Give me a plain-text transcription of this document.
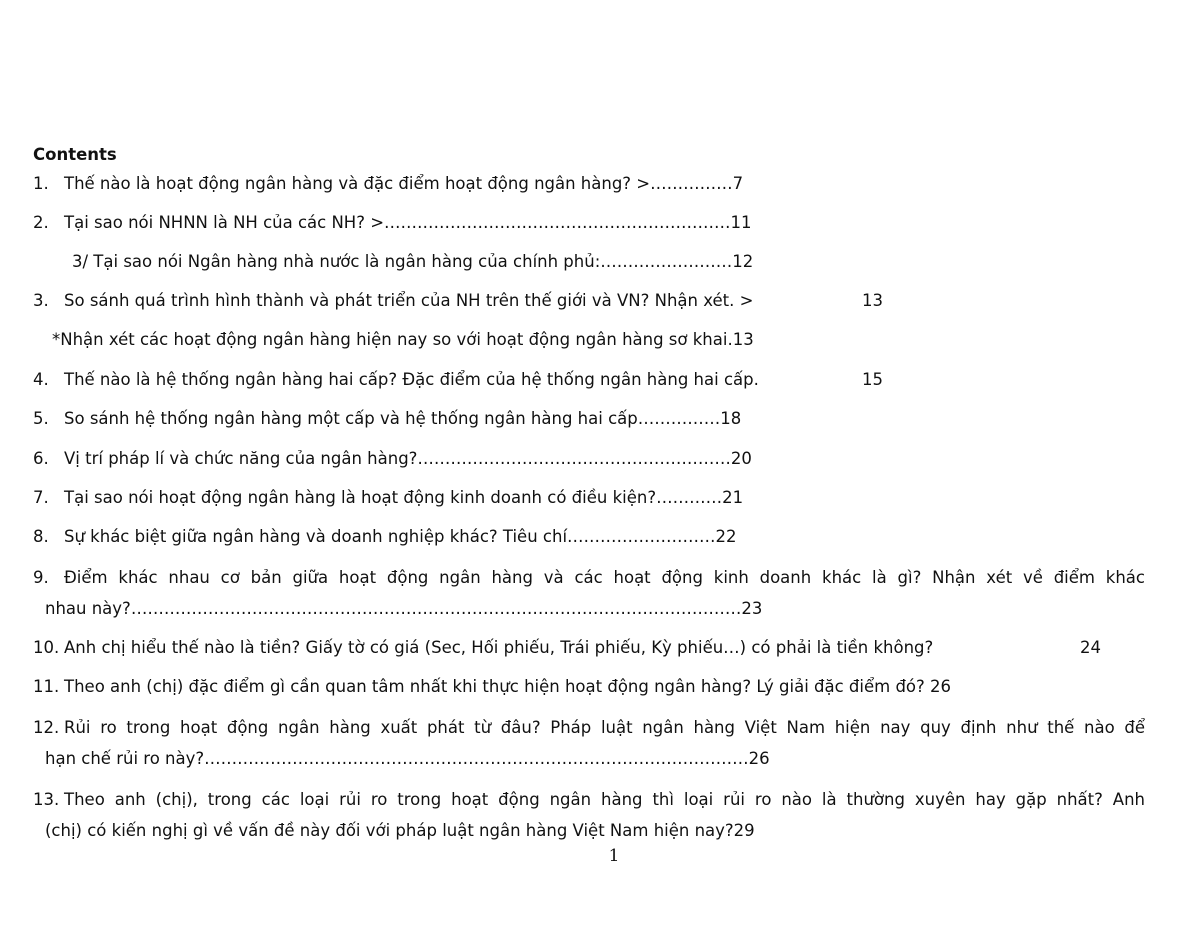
Contents
1. Thế nào là hoạt động ngân hàng và đặc điểm hoạt động ngân hàng? >……………7
2. Tại sao nói NHNN là NH của các NH? >………………………………………………………11
3/ Tại sao nói Ngân hàng nhà nước là ngân hàng của chính phủ:……………………12
3. So sánh quá trình hình thành và phát triển của NH trên thế giới và VN? Nhận xét. >	13
*Nhận xét các hoạt động ngân hàng hiện nay so với hoạt động ngân hàng sơ khai.13
4. Thế nào là hệ thống ngân hàng hai cấp? Đặc điểm của hệ thống ngân hàng hai cấp.	15
5. So sánh hệ thống ngân hàng một cấp và hệ thống ngân hàng hai cấp……………18
6. Vị trí pháp lí và chức năng của ngân hàng?…………………………………………………20
7. Tại sao nói hoạt động ngân hàng là hoạt động kinh doanh có điều kiện?…………21
8. Sự khác biệt giữa ngân hàng và doanh nghiệp khác? Tiêu chí………………………22
9. Điểm khác nhau cơ bản giữa hoạt động ngân hàng và các hoạt động kinh doanh khác là gì? Nhận xét về điểm khác
nhau này?…………………………………………………………………………………………………23
10. Anh chị hiểu thế nào là tiền? Giấy tờ có giá (Sec, Hối phiếu, Trái phiếu, Kỳ phiếu…) có phải là tiền không?	24
11. Theo anh (chị) đặc điểm gì cần quan tâm nhất khi thực hiện hoạt động ngân hàng? Lý giải đặc điểm đó? 26
12. Rủi ro trong hoạt động ngân hàng xuất phát từ đâu? Pháp luật ngân hàng Việt Nam hiện nay quy định như thế nào để
hạn chế rủi ro này?………………………………………………………………………………………26
13. Theo anh (chị), trong các loại rủi ro trong hoạt động ngân hàng thì loại rủi ro nào là thường xuyên hay gặp nhất? Anh
(chị) có kiến nghị gì về vấn đề này đối với pháp luật ngân hàng Việt Nam hiện nay?29
1
